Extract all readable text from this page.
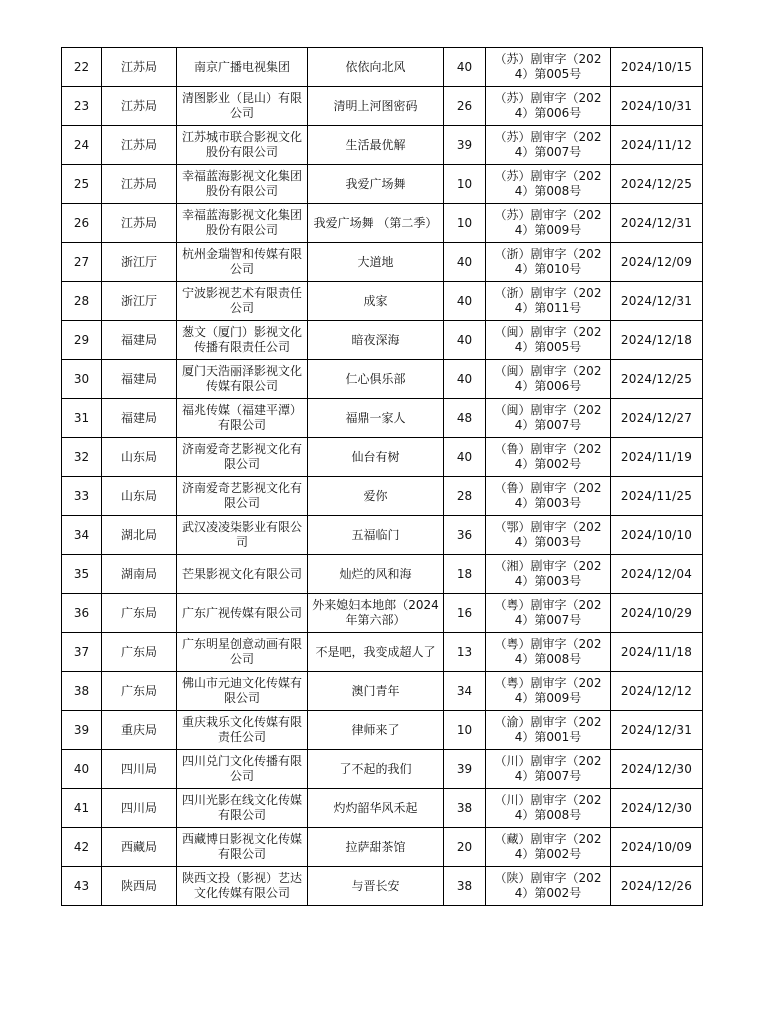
22	江苏局	南京广播电视集团	依依向北风	40	（苏）剧审字（2024）第005号	2024/10/15
23	江苏局	清图影业（昆山）有限公司	清明上河图密码	26	（苏）剧审字（2024）第006号	2024/10/31
24	江苏局	江苏城市联合影视文化股份有限公司	生活最优解	39	（苏）剧审字（2024）第007号	2024/11/12
25	江苏局	幸福蓝海影视文化集团股份有限公司	我爱广场舞	10	（苏）剧审字（2024）第008号	2024/12/25
26	江苏局	幸福蓝海影视文化集团股份有限公司	我爱广场舞 （第二季）	10	（苏）剧审字（2024）第009号	2024/12/31
27	浙江厅	杭州金瑞智和传媒有限公司	大道地	40	（浙）剧审字（2024）第010号	2024/12/09
28	浙江厅	宁波影视艺术有限责任公司	成家	40	（浙）剧审字（2024）第011号	2024/12/31
29	福建局	葱文（厦门）影视文化传播有限责任公司	暗夜深海	40	（闽）剧审字（2024）第005号	2024/12/18
30	福建局	厦门天浩丽泽影视文化传媒有限公司	仁心俱乐部	40	（闽）剧审字（2024）第006号	2024/12/25
31	福建局	福兆传媒（福建平潭）有限公司	福鼎一家人	48	（闽）剧审字（2024）第007号	2024/12/27
32	山东局	济南爱奇艺影视文化有限公司	仙台有树	40	（鲁）剧审字（2024）第002号	2024/11/19
33	山东局	济南爱奇艺影视文化有限公司	爱你	28	（鲁）剧审字（2024）第003号	2024/11/25
34	湖北局	武汉凌凌柒影业有限公司	五福临门	36	（鄂）剧审字（2024）第003号	2024/10/10
35	湖南局	芒果影视文化有限公司	灿烂的风和海	18	（湘）剧审字（2024）第003号	2024/12/04
36	广东局	广东广视传媒有限公司	外来媳妇本地郎（2024年第六部）	16	（粤）剧审字（2024）第007号	2024/10/29
37	广东局	广东明星创意动画有限公司	不是吧，我变成超人了	13	（粤）剧审字（2024）第008号	2024/11/18
38	广东局	佛山市元迪文化传媒有限公司	澳门青年	34	（粤）剧审字（2024）第009号	2024/12/12
39	重庆局	重庆栽乐文化传媒有限责任公司	律师来了	10	（渝）剧审字（2024）第001号	2024/12/31
40	四川局	四川兑门文化传播有限公司	了不起的我们	39	（川）剧审字（2024）第007号	2024/12/30
41	四川局	四川光影在线文化传媒有限公司	灼灼韶华风禾起	38	（川）剧审字（2024）第008号	2024/12/30
42	西藏局	西藏博日影视文化传媒有限公司	拉萨甜茶馆	20	（藏）剧审字（2024）第002号	2024/10/09
43	陕西局	陕西文投（影视）艺达文化传媒有限公司	与晋长安	38	（陕）剧审字（2024）第002号	2024/12/26
